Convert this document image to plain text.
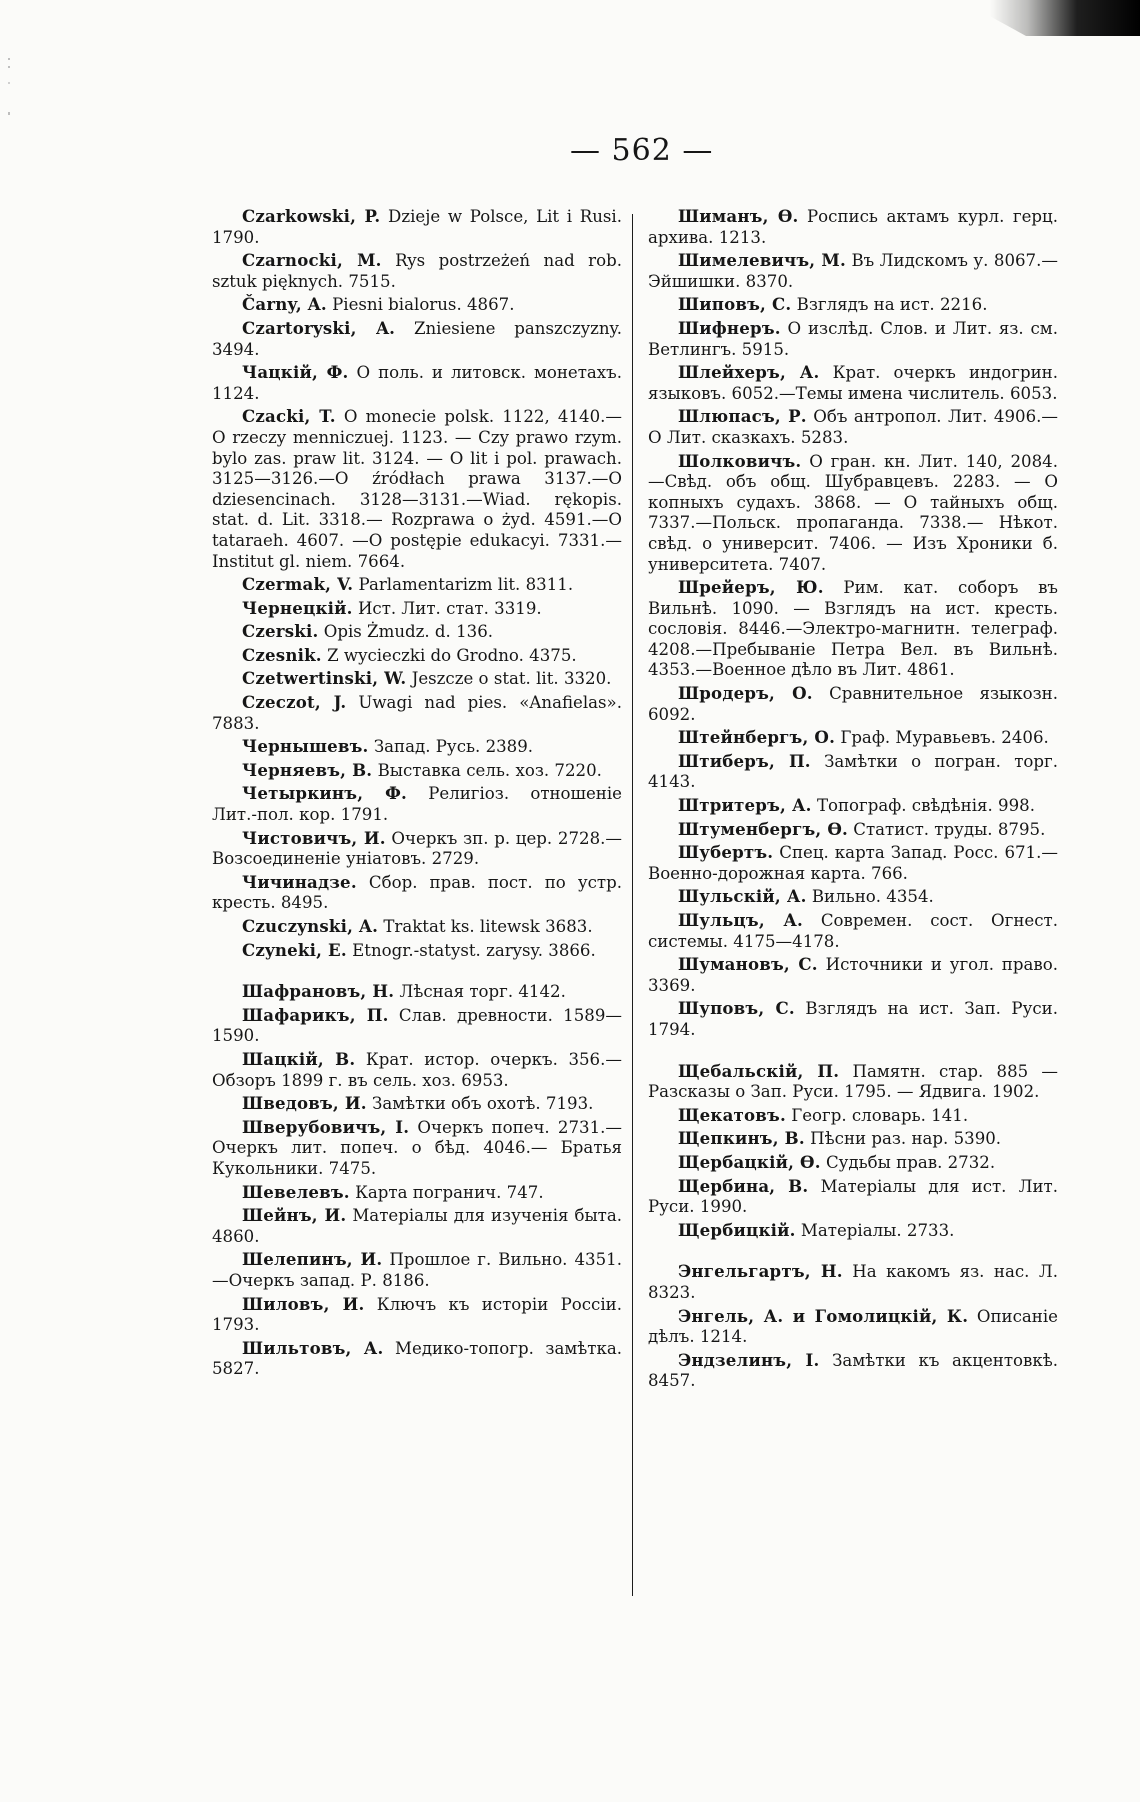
— 562 —
Czarkowski, P. Dzieje w Polsce, Lit i Rusi. 1790.
Czarnocki, M. Rys postrzeżeń nad rob. sztuk pięknych. 7515.
Čarny, A. Piesni bialorus. 4867.
Czartoryski, A. Zniesiene panszczyzny. 3494.
Чацкій, Ф. О поль. и литовск. монетахъ. 1124.
Czacki, T. O monecie polsk. 1122, 4140.— O rzeczy menniczuej. 1123. — Czy prawo rzym. bylo zas. praw lit. 3124. — O lit i pol. prawach. 3125—3126.—O źródłach prawa 3137.—O dziesencinach. 3128—3131.—Wiad. rękopis. stat. d. Lit. 3318.— Rozprawa o żyd. 4591.—O tataraeh. 4607. —O postępie edukacyi. 7331.—Institut gl. niem. 7664.
Czermak, V. Parlamentarizm lit. 8311.
Чернецкій. Ист. Лит. стат. 3319.
Czerski. Opis Żmudz. d. 136.
Czesnik. Z wycieczki do Grodno. 4375.
Czetwertinski, W. Jeszcze o stat. lit. 3320.
Czeczot, J. Uwagi nad pies. «Anafielas». 7883.
Чернышевъ. Запад. Русь. 2389.
Черняевъ, В. Выставка сель. хоз. 7220.
Четыркинъ, Ф. Религіоз. отношеніе Лит.-пол. кор. 1791.
Чистовичъ, И. Очеркъ зп. р. цер. 2728.—Возсоединеніе уніатовъ. 2729.
Чичинадзе. Сбор. прав. пост. по устр. кресть. 8495.
Czuczynski, A. Traktat ks. litewsk 3683.
Czyneki, E. Etnogr.-statyst. zarysy. 3866.
Шафрановъ, Н. Лѣсная торг. 4142.
Шафарикъ, П. Слав. древности. 1589—1590.
Шацкій, В. Крат. истор. очеркъ. 356.—Обзоръ 1899 г. въ сель. хоз. 6953.
Шведовъ, И. Замѣтки объ охотѣ. 7193.
Шверубовичъ, І. Очеркъ попеч. 2731.—Очеркъ лит. попеч. о бѣд. 4046.— Братья Кукольники. 7475.
Шевелевъ. Карта погранич. 747.
Шейнъ, И. Матеріалы для изученія быта. 4860.
Шелепинъ, И. Прошлое г. Вильно. 4351.—Очеркъ запад. Р. 8186.
Шиловъ, И. Ключъ къ исторіи Россіи. 1793.
Шильтовъ, А. Медико-топогр. замѣтка. 5827.
Шиманъ, Ѳ. Роспись актамъ курл. герц. архива. 1213.
Шимелевичъ, М. Въ Лидскомъ у. 8067.—Эйшишки. 8370.
Шиповъ, С. Взглядъ на ист. 2216.
Шифнеръ. О изслѣд. Слов. и Лит. яз. см. Ветлингъ. 5915.
Шлейхеръ, А. Крат. очеркъ индогрин. языковъ. 6052.—Темы имена числитель. 6053.
Шлюпасъ, Р. Объ антропол. Лит. 4906.—О Лит. сказкахъ. 5283.
Шолковичъ. О гран. кн. Лит. 140, 2084.—Свѣд. объ общ. Шубравцевъ. 2283. — О копныхъ судахъ. 3868. — О тайныхъ общ. 7337.—Польск. пропаганда. 7338.— Нѣкот. свѣд. о университ. 7406. — Изъ Хроники б. университета. 7407.
Шрейеръ, Ю. Рим. кат. соборъ въ Вильнѣ. 1090. — Взглядъ на ист. кресть. сословія. 8446.—Электро-магнитн. телеграф. 4208.—Пребываніе Петра Вел. въ Вильнѣ. 4353.—Военное дѣло въ Лит. 4861.
Шродеръ, О. Сравнительное языкозн. 6092.
Штейнбергъ, О. Граф. Муравьевъ. 2406.
Штиберъ, П. Замѣтки о погран. торг. 4143.
Штритеръ, А. Топограф. свѣдѣнія. 998.
Штуменбергъ, Ѳ. Статист. труды. 8795.
Шубертъ. Спец. карта Запад. Росс. 671.—Военно-дорожная карта. 766.
Шульскій, А. Вильно. 4354.
Шульцъ, А. Современ. сост. Огнест. системы. 4175—4178.
Шумановъ, С. Источники и угол. право. 3369.
Шуповъ, С. Взглядъ на ист. Зап. Руси. 1794.
Щебальскій, П. Памятн. стар. 885 — Разсказы о Зап. Руси. 1795. — Ядвига. 1902.
Щекатовъ. Геогр. словарь. 141.
Щепкинъ, В. Пѣсни раз. нар. 5390.
Щербацкій, Ѳ. Судьбы прав. 2732.
Щербина, В. Матеріалы для ист. Лит. Руси. 1990.
Щербицкій. Матеріалы. 2733.
Энгельгартъ, Н. На какомъ яз. нас. Л. 8323.
Энгель, А. и Гомолицкій, К. Описаніе дѣлъ. 1214.
Эндзелинъ, І. Замѣтки къ акцентовкѣ. 8457.
